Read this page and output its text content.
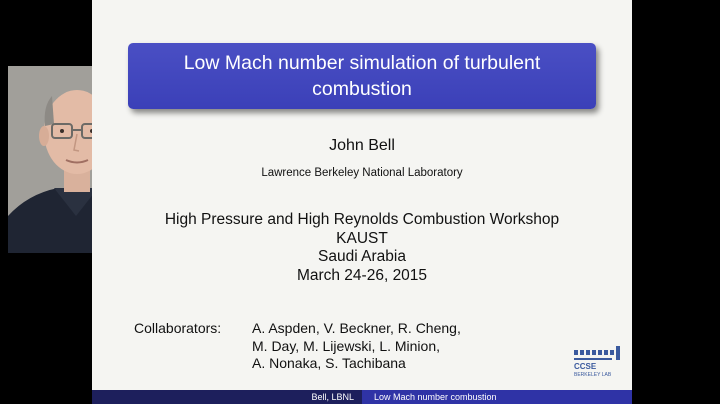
Low Mach number simulation of turbulent
combustion
John Bell
Lawrence Berkeley National Laboratory
High Pressure and High Reynolds Combustion Workshop
KAUST
Saudi Arabia
March 24-26, 2015
Collaborators: A. Aspden, V. Beckner, R. Cheng,
M. Day, M. Lijewski, L. Minion,
A. Nonaka, S. Tachibana	CCSE
BERKELEY LAB
Bell, LBNL	Low Mach number combustion
